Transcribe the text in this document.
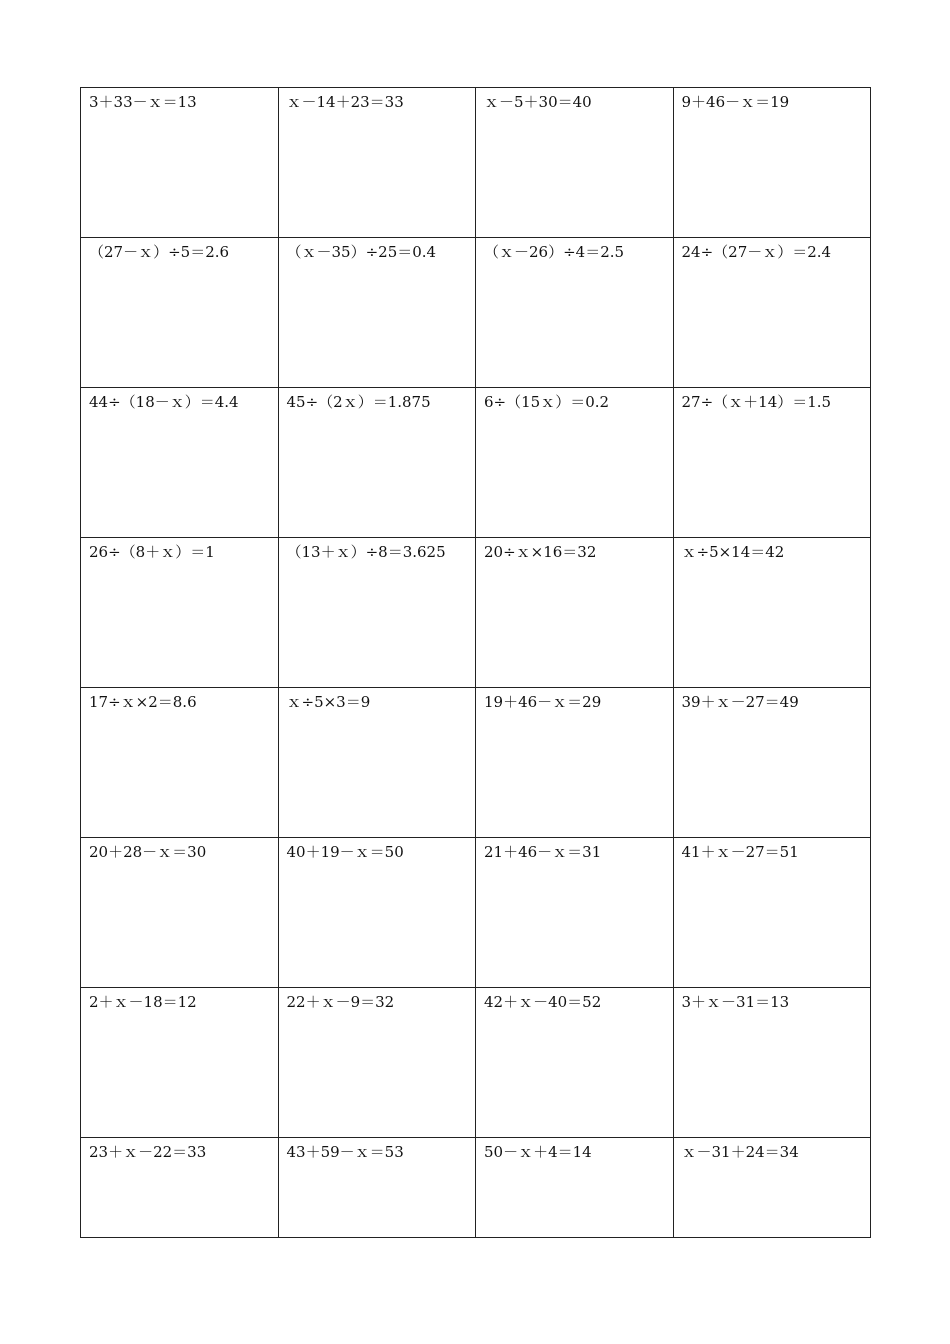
3＋33－ｘ＝13	ｘ－14＋23＝33	ｘ－5＋30＝40	9＋46－ｘ＝19
（27－ｘ）÷5＝2.6	（ｘ－35）÷25＝0.4	（ｘ－26）÷4＝2.5	24÷（27－ｘ）＝2.4
44÷（18－ｘ）＝4.4	45÷（2ｘ）＝1.875	6÷（15ｘ）＝0.2	27÷（ｘ＋14）＝1.5
26÷（8＋ｘ）＝1	（13＋ｘ）÷8＝3.625	20÷ｘ×16＝32	ｘ÷5×14＝42
17÷ｘ×2＝8.6	ｘ÷5×3＝9	19＋46－ｘ＝29	39＋ｘ－27＝49
20＋28－ｘ＝30	40＋19－ｘ＝50	21＋46－ｘ＝31	41＋ｘ－27＝51
2＋ｘ－18＝12	22＋ｘ－9＝32	42＋ｘ－40＝52	3＋ｘ－31＝13
23＋ｘ－22＝33	43＋59－ｘ＝53	50－ｘ＋4＝14	ｘ－31＋24＝34
